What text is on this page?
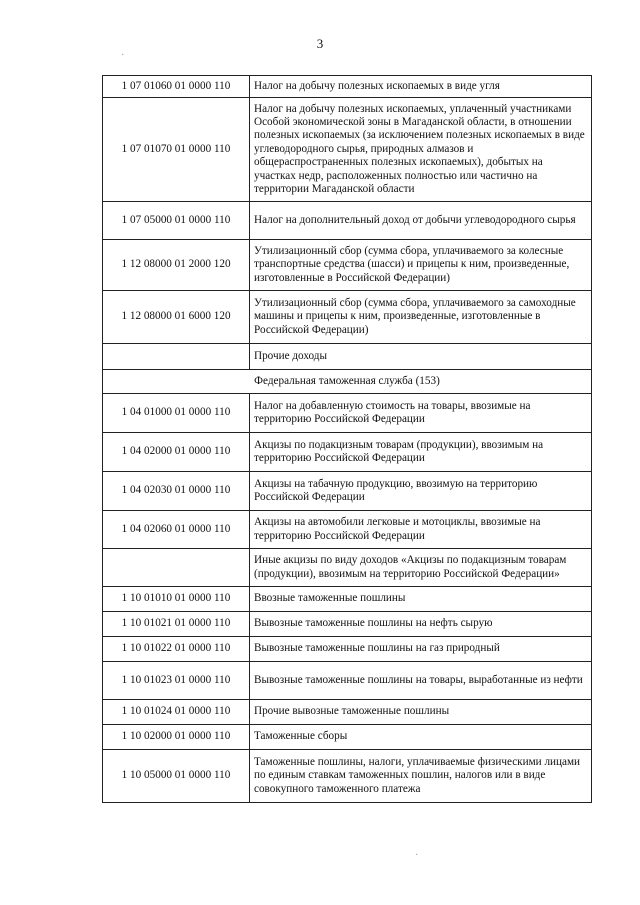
3
1 07 01060 01 0000 110	Налог на добычу полезных ископаемых в виде угля
1 07 01070 01 0000 110	Налог на добычу полезных ископаемых, уплаченный участниками Особой экономической зоны в Магаданской области, в отношении полезных ископаемых (за исключением полезных ископаемых в виде углеводородного сырья, природных алмазов и общераспространенных полезных ископаемых), добытых на участках недр, расположенных полностью или частично на территории Магаданской области
1 07 05000 01 0000 110	Налог на дополнительный доход от добычи углеводородного сырья
1 12 08000 01 2000 120	Утилизационный сбор (сумма сбора, уплачиваемого за колесные транспортные средства (шасси) и прицепы к ним, произведенные, изготовленные в Российской Федерации)
1 12 08000 01 6000 120	Утилизационный сбор (сумма сбора, уплачиваемого за самоходные машины и прицепы к ним, произведенные, изготовленные в Российской Федерации)
	Прочие доходы
Федеральная таможенная служба (153)	
1 04 01000 01 0000 110	Налог на добавленную стоимость на товары, ввозимые на территорию Российской Федерации
1 04 02000 01 0000 110	Акцизы по подакцизным товарам (продукции), ввозимым на территорию Российской Федерации
1 04 02030 01 0000 110	Акцизы на табачную продукцию, ввозимую на территорию Российской Федерации
1 04 02060 01 0000 110	Акцизы на автомобили легковые и мотоциклы, ввозимые на территорию Российской Федерации
	Иные акцизы по виду доходов «Акцизы по подакцизным товарам (продукции), ввозимым на территорию Российской Федерации»
1 10 01010 01 0000 110	Ввозные таможенные пошлины
1 10 01021 01 0000 110	Вывозные таможенные пошлины на нефть сырую
1 10 01022 01 0000 110	Вывозные таможенные пошлины на газ природный
1 10 01023 01 0000 110	Вывозные таможенные пошлины на товары, выработанные из нефти
1 10 01024 01 0000 110	Прочие вывозные таможенные пошлины
1 10 02000 01 0000 110	Таможенные сборы
1 10 05000 01 0000 110	Таможенные пошлины, налоги, уплачиваемые физическими лицами по единым ставкам таможенных пошлин, налогов или в виде совокупного таможенного платежа
·
·
